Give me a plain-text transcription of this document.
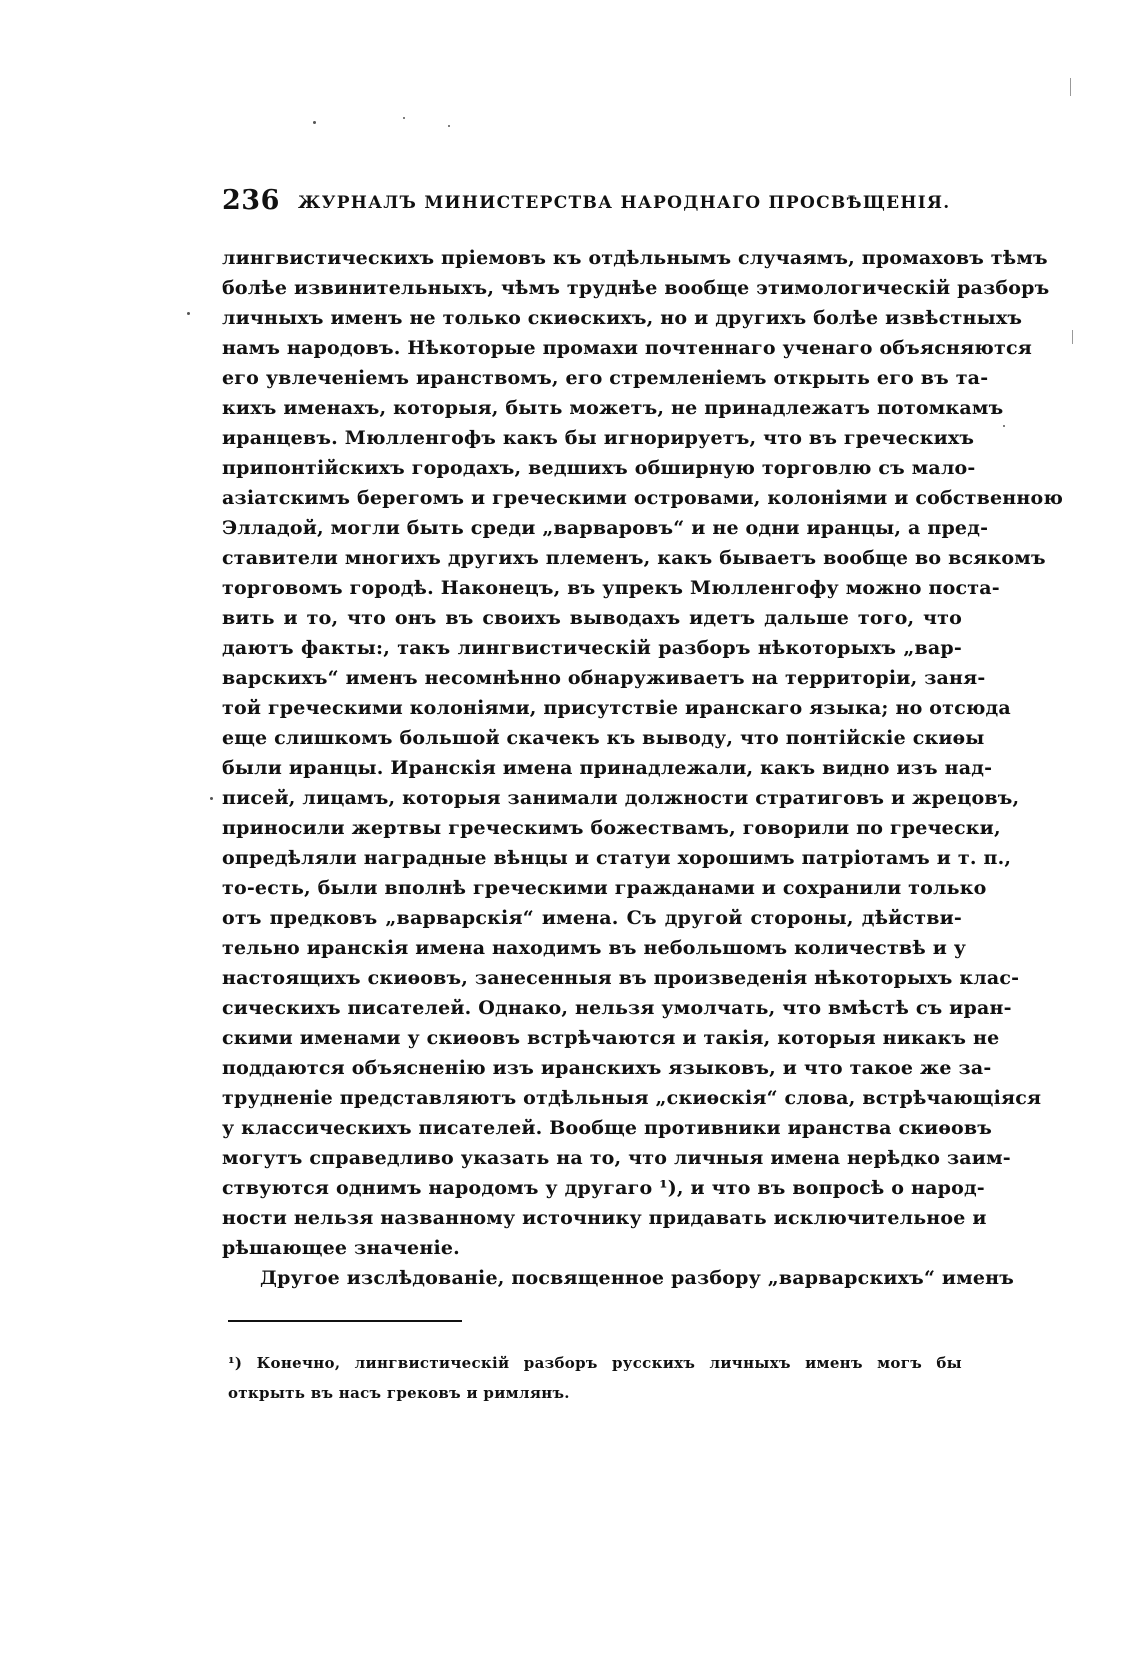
236 ЖУРНАЛЪ МИНИСТЕРСТВА НАРОДНАГО ПРОСВѢЩЕНІЯ.
лингвистическихъ пріемовъ къ отдѣльнымъ случаямъ, промаховъ тѣмъ
болѣе извинительныхъ, чѣмъ труднѣе вообще этимологическій разборъ
личныхъ именъ не только скиѳскихъ, но и другихъ болѣе извѣстныхъ
намъ народовъ. Нѣкоторые промахи почтеннаго ученаго объясняются
его увлеченіемъ иранствомъ, его стремленіемъ открыть его въ та-
кихъ именахъ, которыя, быть можетъ, не принадлежатъ потомкамъ
иранцевъ. Мюлленгофъ какъ бы игнорируетъ, что въ греческихъ
припонтійскихъ городахъ, ведшихъ обширную торговлю съ мало-
азіатскимъ берегомъ и греческими островами, колоніями и собственною
Элладой, могли быть среди „варваровъ“ и не одни иранцы, а пред-
ставители многихъ другихъ племенъ, какъ бываетъ вообще во всякомъ
торговомъ городѣ. Наконецъ, въ упрекъ Мюлленгофу можно поста-
вить и то, что онъ въ своихъ выводахъ идетъ дальше того, что
даютъ факты:, такъ лингвистическій разборъ нѣкоторыхъ „вар-
варскихъ“ именъ несомнѣнно обнаруживаетъ на территоріи, заня-
той греческими колоніями, присутствіе иранскаго языка; но отсюда
еще слишкомъ большой скачекъ къ выводу, что понтійскіе скиѳы
были иранцы. Иранскія имена принадлежали, какъ видно изъ над-
писей, лицамъ, которыя занимали должности стратиговъ и жрецовъ,
приносили жертвы греческимъ божествамъ, говорили по гречески,
опредѣляли наградные вѣнцы и статуи хорошимъ патріотамъ и т. п.,
то-есть, были вполнѣ греческими гражданами и сохранили только
отъ предковъ „варварскія“ имена. Съ другой стороны, дѣйстви-
тельно иранскія имена находимъ въ небольшомъ количествѣ и у
настоящихъ скиѳовъ, занесенныя въ произведенія нѣкоторыхъ клас-
сическихъ писателей. Однако, нельзя умолчать, что вмѣстѣ съ иран-
скими именами у скиѳовъ встрѣчаются и такія, которыя никакъ не
поддаются объясненію изъ иранскихъ языковъ, и что такое же за-
трудненіе представляютъ отдѣльныя „скиѳскія“ слова, встрѣчающіяся
у классическихъ писателей. Вообще противники иранства скиѳовъ
могутъ справедливо указать на то, что личныя имена нерѣдко заим-
ствуются однимъ народомъ у другаго ¹), и что въ вопросѣ о народ-
ности нельзя названному источнику придавать исключительное и
рѣшающее значеніе.
Другое изслѣдованіе, посвященное разбору „варварскихъ“ именъ
¹) Конечно, лингвистическій разборъ русскихъ личныхъ именъ могъ бы
открыть въ насъ грековъ и римлянъ.
